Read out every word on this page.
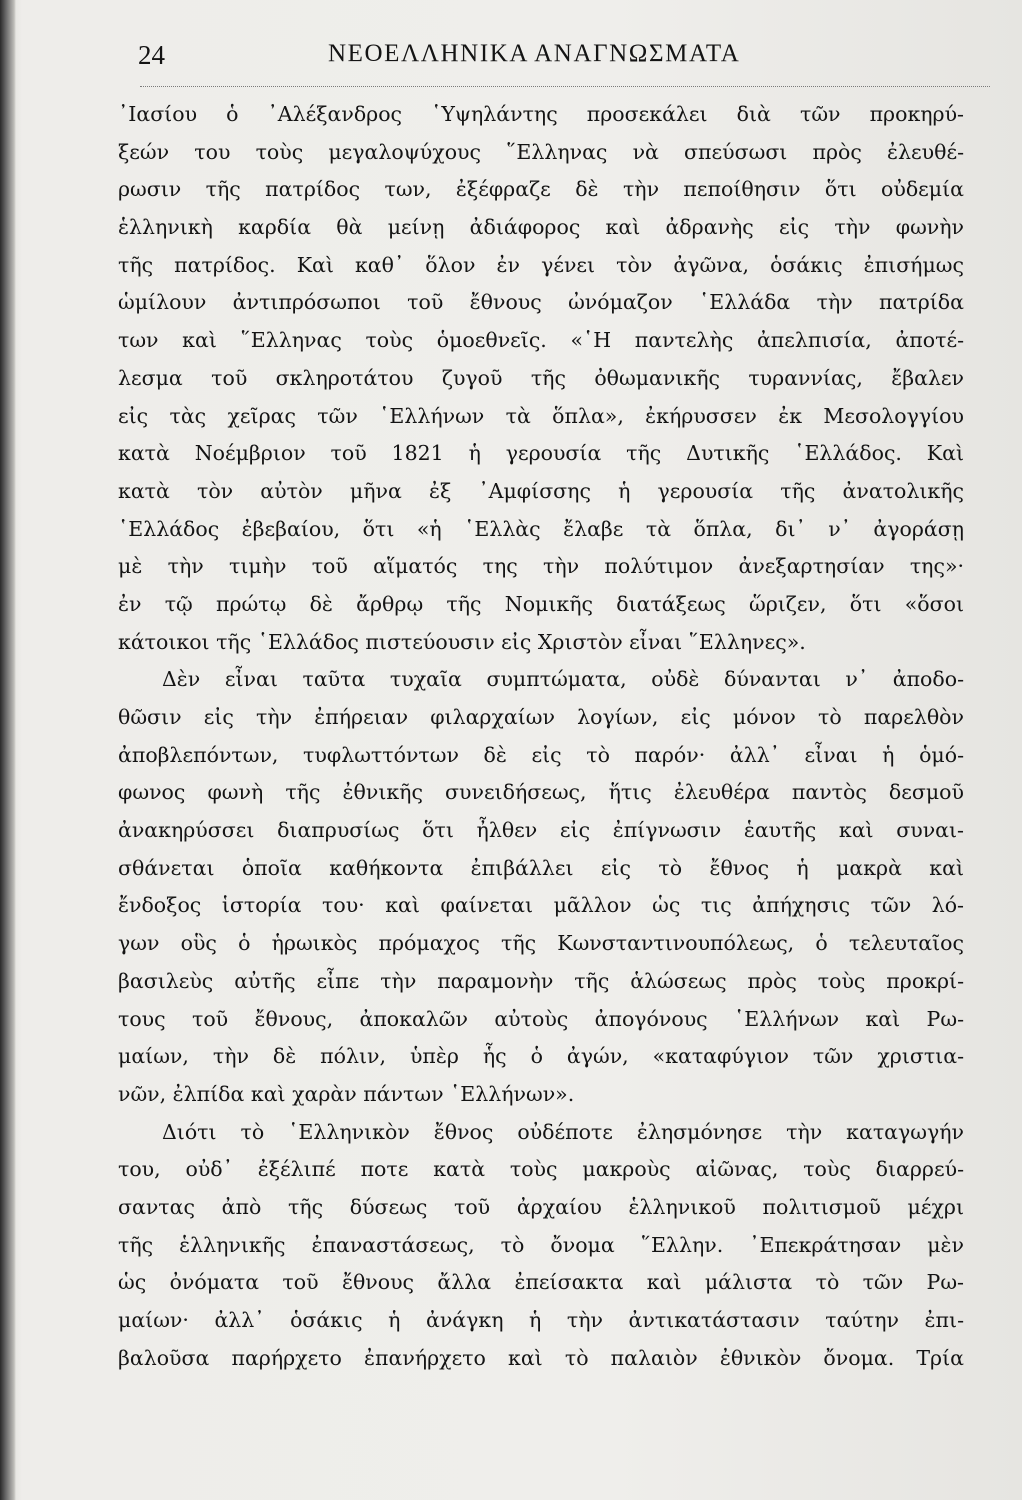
24	ΝΕΟΕΛΛΗΝΙΚΑ ΑΝΑΓΝΩΣΜΑΤΑ
᾿Ιασίου ὁ ᾿Αλέξανδρος ῾Υψηλάντης προσεκάλει διὰ τῶν προκηρύ-
ξεών του τοὺς μεγαλοψύχους ῞Ελληνας νὰ σπεύσωσι πρὸς ἐλευθέ-
ρωσιν τῆς πατρίδος των, ἐξέφραζε δὲ τὴν πεποίθησιν ὅτι οὐδεμία
ἑλληνικὴ καρδία θὰ μείνῃ ἀδιάφορος καὶ ἀδρανὴς εἰς τὴν φωνὴν
τῆς πατρίδος. Καὶ καθ᾿ ὅλον ἐν γένει τὸν ἀγῶνα, ὁσάκις ἐπισήμως
ὡμίλουν ἀντιπρόσωποι τοῦ ἔθνους ὠνόμαζον ῾Ελλάδα τὴν πατρίδα
των καὶ ῞Ελληνας τοὺς ὁμοεθνεῖς. «῾Η παντελὴς ἀπελπισία, ἀποτέ-
λεσμα τοῦ σκληροτάτου ζυγοῦ τῆς ὀθωμανικῆς τυραννίας, ἔβαλεν
εἰς τὰς χεῖρας τῶν ῾Ελλήνων τὰ ὅπλα», ἐκήρυσσεν ἐκ Μεσολογγίου
κατὰ Νοέμβριον τοῦ 1821 ἡ γερουσία τῆς Δυτικῆς ῾Ελλάδος. Καὶ
κατὰ τὸν αὐτὸν μῆνα ἐξ ᾿Αμφίσσης ἡ γερουσία τῆς ἀνατολικῆς
῾Ελλάδος ἐβεβαίου, ὅτι «ἡ ῾Ελλὰς ἔλαβε τὰ ὅπλα, δι᾿ ν᾿ ἀγοράσῃ
μὲ τὴν τιμὴν τοῦ αἵματός της τὴν πολύτιμον ἀνεξαρτησίαν της»·
ἐν τῷ πρώτῳ δὲ ἄρθρῳ τῆς Νομικῆς διατάξεως ὥριζεν, ὅτι «ὅσοι
κάτοικοι τῆς ῾Ελλάδος πιστεύουσιν εἰς Χριστὸν εἶναι ῞Ελληνες».
Δὲν εἶναι ταῦτα τυχαῖα συμπτώματα, οὐδὲ δύνανται ν᾿ ἀποδο-
θῶσιν εἰς τὴν ἐπήρειαν φιλαρχαίων λογίων, εἰς μόνον τὸ παρελθὸν
ἀποβλεπόντων, τυφλωττόντων δὲ εἰς τὸ παρόν· ἀλλ᾿ εἶναι ἡ ὁμό-
φωνος φωνὴ τῆς ἐθνικῆς συνειδήσεως, ἥτις ἐλευθέρα παντὸς δεσμοῦ
ἀνακηρύσσει διαπρυσίως ὅτι ἦλθεν εἰς ἐπίγνωσιν ἑαυτῆς καὶ συναι-
σθάνεται ὁποῖα καθήκοντα ἐπιβάλλει εἰς τὸ ἔθνος ἡ μακρὰ καὶ
ἔνδοξος ἱστορία του· καὶ φαίνεται μᾶλλον ὡς τις ἀπήχησις τῶν λό-
γων οὓς ὁ ἡρωικὸς πρόμαχος τῆς Κωνσταντινουπόλεως, ὁ τελευταῖος
βασιλεὺς αὐτῆς εἶπε τὴν παραμονὴν τῆς ἁλώσεως πρὸς τοὺς προκρί-
τους τοῦ ἔθνους, ἀποκαλῶν αὐτοὺς ἀπογόνους ῾Ελλήνων καὶ Ρω-
μαίων, τὴν δὲ πόλιν, ὑπὲρ ἧς ὁ ἀγών, «καταφύγιον τῶν χριστια-
νῶν, ἐλπίδα καὶ χαρὰν πάντων ῾Ελλήνων».
Διότι τὸ ῾Ελληνικὸν ἔθνος οὐδέποτε ἐλησμόνησε τὴν καταγωγήν
του, οὐδ᾿ ἐξέλιπέ ποτε κατὰ τοὺς μακροὺς αἰῶνας, τοὺς διαρρεύ-
σαντας ἀπὸ τῆς δύσεως τοῦ ἀρχαίου ἑλληνικοῦ πολιτισμοῦ μέχρι
τῆς ἑλληνικῆς ἐπαναστάσεως, τὸ ὄνομα ῞Ελλην. ᾿Επεκράτησαν μὲν
ὡς ὀνόματα τοῦ ἔθνους ἄλλα ἐπείσακτα καὶ μάλιστα τὸ τῶν Ρω-
μαίων· ἀλλ᾿ ὁσάκις ἡ ἀνάγκη ἡ τὴν ἀντικατάστασιν ταύτην ἐπι-
βαλοῦσα παρήρχετο ἐπανήρχετο καὶ τὸ παλαιὸν ἐθνικὸν ὄνομα. Τρία
